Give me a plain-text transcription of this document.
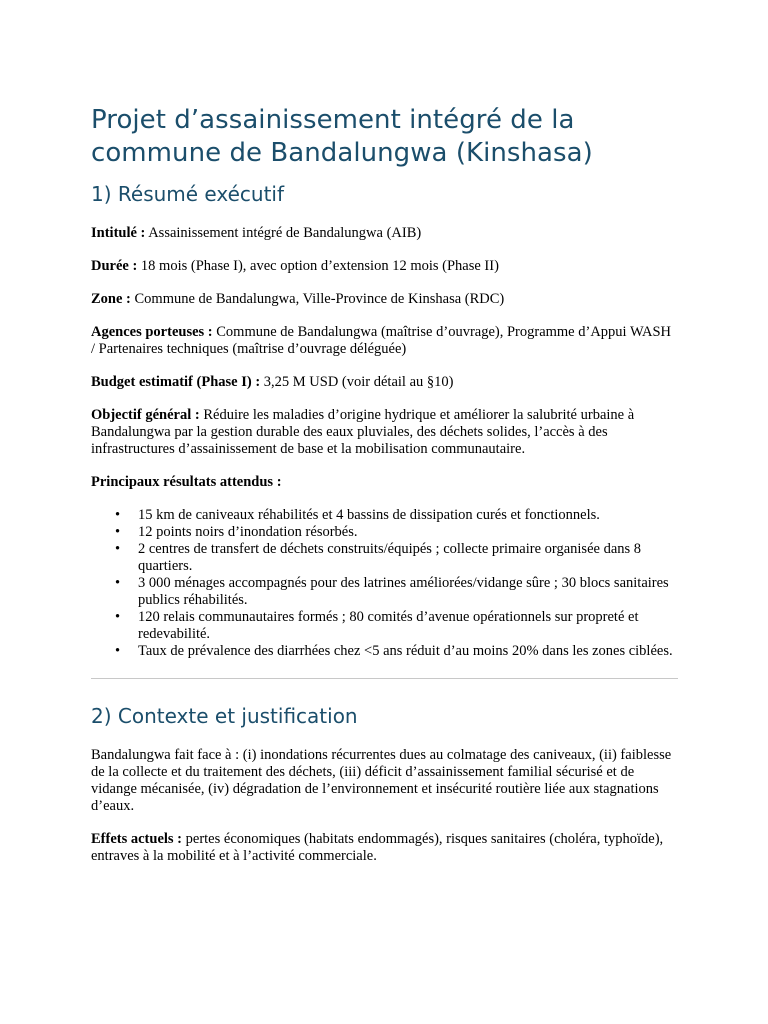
Projet d’assainissement intégré de la commune de Bandalungwa (Kinshasa)
1) Résumé exécutif

Intitulé : Assainissement intégré de Bandalungwa (AIB)

Durée : 18 mois (Phase I), avec option d’extension 12 mois (Phase II)

Zone : Commune de Bandalungwa, Ville-Province de Kinshasa (RDC)

Agences porteuses : Commune de Bandalungwa (maîtrise d’ouvrage), Programme d’Appui WASH / Partenaires techniques (maîtrise d’ouvrage déléguée)

Budget estimatif (Phase I) : 3,25 M USD (voir détail au §10)

Objectif général : Réduire les maladies d’origine hydrique et améliorer la salubrité urbaine à Bandalungwa par la gestion durable des eaux pluviales, des déchets solides, l’accès à des infrastructures d’assainissement de base et la mobilisation communautaire.

Principaux résultats attendus :

• 15 km de caniveaux réhabilités et 4 bassins de dissipation curés et fonctionnels.
• 12 points noirs d’inondation résorbés.
• 2 centres de transfert de déchets construits/équipés ; collecte primaire organisée dans 8 quartiers.
• 3 000 ménages accompagnés pour des latrines améliorées/vidange sûre ; 30 blocs sanitaires publics réhabilités.
• 120 relais communautaires formés ; 80 comités d’avenue opérationnels sur propreté et redevabilité.
• Taux de prévalence des diarrhées chez <5 ans réduit d’au moins 20% dans les zones ciblées.
2) Contexte et justification

Bandalungwa fait face à : (i) inondations récurrentes dues au colmatage des caniveaux, (ii) faiblesse de la collecte et du traitement des déchets, (iii) déficit d’assainissement familial sécurisé et de vidange mécanisée, (iv) dégradation de l’environnement et insécurité routière liée aux stagnations d’eaux.

Effets actuels : pertes économiques (habitats endommagés), risques sanitaires (choléra, typhoïde), entraves à la mobilité et à l’activité commerciale.
